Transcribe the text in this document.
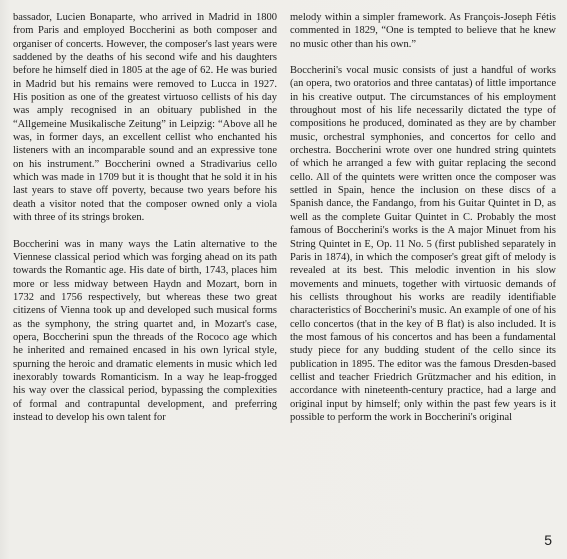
bassador, Lucien Bonaparte, who arrived in Madrid in 1800 from Paris and employed Boccherini as both composer and organiser of concerts. However, the composer's last years were saddened by the deaths of his second wife and his daughters before he himself died in 1805 at the age of 62. He was buried in Madrid but his remains were removed to Lucca in 1927. His position as one of the greatest virtuoso cellists of his day was amply recognised in an obituary published in the “Allgemeine Musikalische Zeitung” in Leipzig: “Above all he was, in former days, an excellent cellist who enchanted his listeners with an incomparable sound and an expressive tone on his instrument.” Boccherini owned a Stradivarius cello which was made in 1709 but it is thought that he sold it in his last years to stave off poverty, because two years before his death a visitor noted that the composer owned only a viola with three of its strings broken.

Boccherini was in many ways the Latin alternative to the Viennese classical period which was forging ahead on its path towards the Romantic age. His date of birth, 1743, places him more or less midway between Haydn and Mozart, born in 1732 and 1756 respectively, but whereas these two great citizens of Vienna took up and developed such musical forms as the symphony, the string quartet and, in Mozart's case, opera, Boccherini spun the threads of the Rococo age which he inherited and remained encased in his own lyrical style, spurning the heroic and dramatic elements in music which led inexorably towards Romanticism. In a way he leap-frogged his way over the classical period, bypassing the complexities of formal and contrapuntal development, and preferring instead to develop his own talent for

melody within a simpler framework. As François-Joseph Fétis commented in 1829, “One is tempted to believe that he knew no music other than his own.”

Boccherini's vocal music consists of just a handful of works (an opera, two oratorios and three cantatas) of little importance in his creative output. The circumstances of his employment throughout most of his life necessarily dictated the type of compositions he produced, dominated as they are by chamber music, orchestral symphonies, and concertos for cello and orchestra. Boccherini wrote over one hundred string quintets of which he arranged a few with guitar replacing the second cello. All of the quintets were written once the composer was settled in Spain, hence the inclusion on these discs of a Spanish dance, the Fandango, from his Guitar Quintet in D, as well as the complete Guitar Quintet in C. Probably the most famous of Boccherini's works is the A major Minuet from his String Quintet in E, Op. 11 No. 5 (first published separately in Paris in 1874), in which the composer's great gift of melody is revealed at its best. This melodic invention in his slow movements and minuets, together with virtuosic demands of his cellists throughout his works are readily identifiable characteristics of Boccherini's music. An example of one of his cello concertos (that in the key of B flat) is also included. It is the most famous of his concertos and has been a fundamental study piece for any budding student of the cello since its publication in 1895. The editor was the famous Dresden-based cellist and teacher Friedrich Grützmacher and his edition, in accordance with nineteenth-century practice, had a large and original input by himself; only within the past few years is it possible to perform the work in Boccherini's original

5
